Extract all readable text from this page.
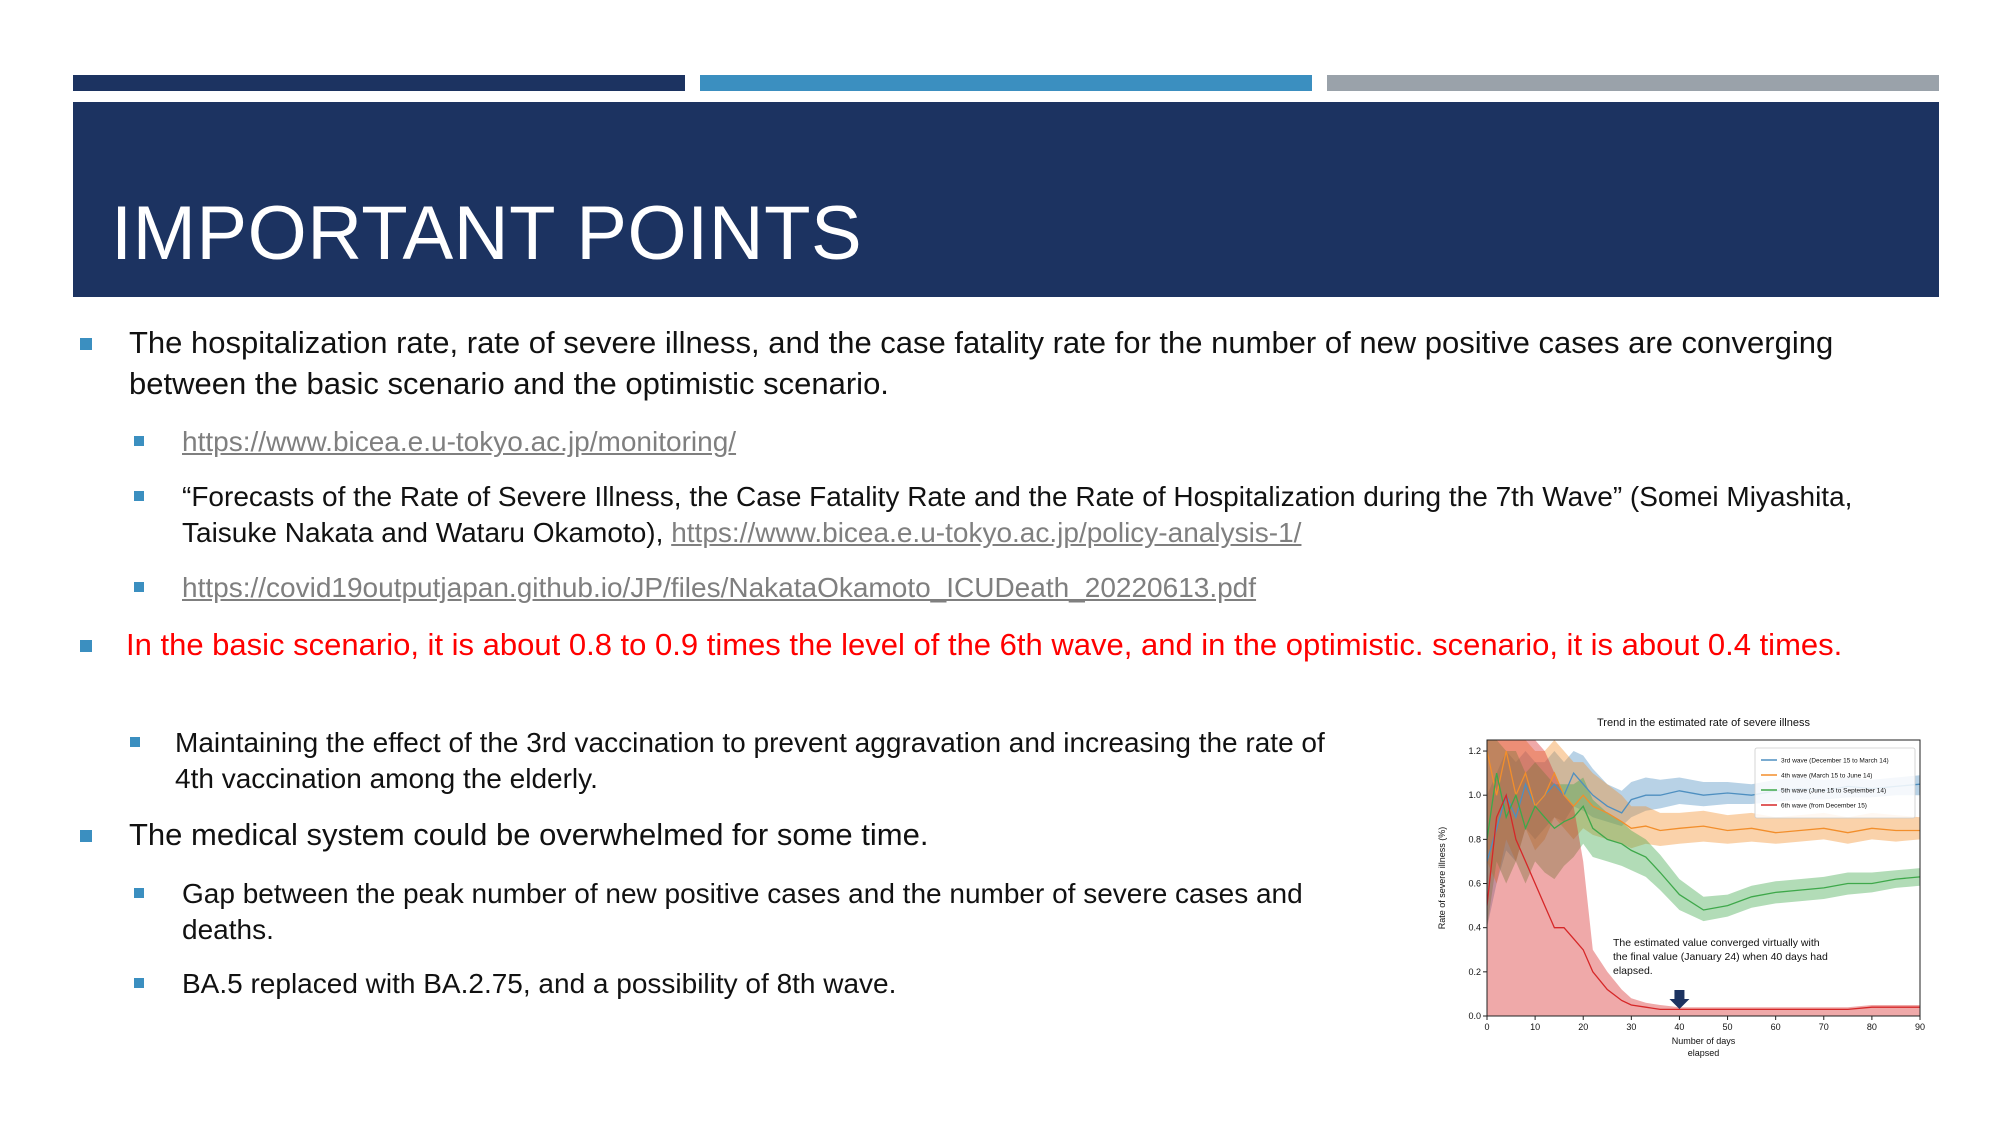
IMPORTANT POINTS
The hospitalization rate, rate of severe illness, and the case fatality rate for the number of new positive cases are converging between the basic scenario and the optimistic scenario.
https://www.bicea.e.u-tokyo.ac.jp/monitoring/
“Forecasts of the Rate of Severe Illness, the Case Fatality Rate and the Rate of Hospitalization during the 7th Wave” (Somei Miyashita, Taisuke Nakata and Wataru Okamoto), https://www.bicea.e.u-tokyo.ac.jp/policy-analysis-1/
https://covid19outputjapan.github.io/JP/files/NakataOkamoto_ICUDeath_20220613.pdf
In the basic scenario, it is about 0.8 to 0.9 times the level of the 6th wave, and in the optimistic. scenario, it is about 0.4 times.
Maintaining the effect of the 3rd vaccination to prevent aggravation and increasing the rate of 4th vaccination among the elderly.
The medical system could be overwhelmed for some time.
Gap between the peak number of new positive cases and the number of severe cases and deaths.
BA.5 replaced with BA.2.75, and a possibility of 8th wave.
Trend in the estimated rate of severe illness
0	10	20	30	40	50	60	70	80	90
0.0
0.2
0.4
0.6
0.8
1.0
1.2
Number of days
elapsed
Rate of severe illness (%)
3rd wave (December 15 to March 14)
4th wave (March 15 to June 14)
5th wave (June 15 to September 14)
6th wave (from December 15)
The estimated value converged virtually with
the final value (January 24) when 40 days had
elapsed.
